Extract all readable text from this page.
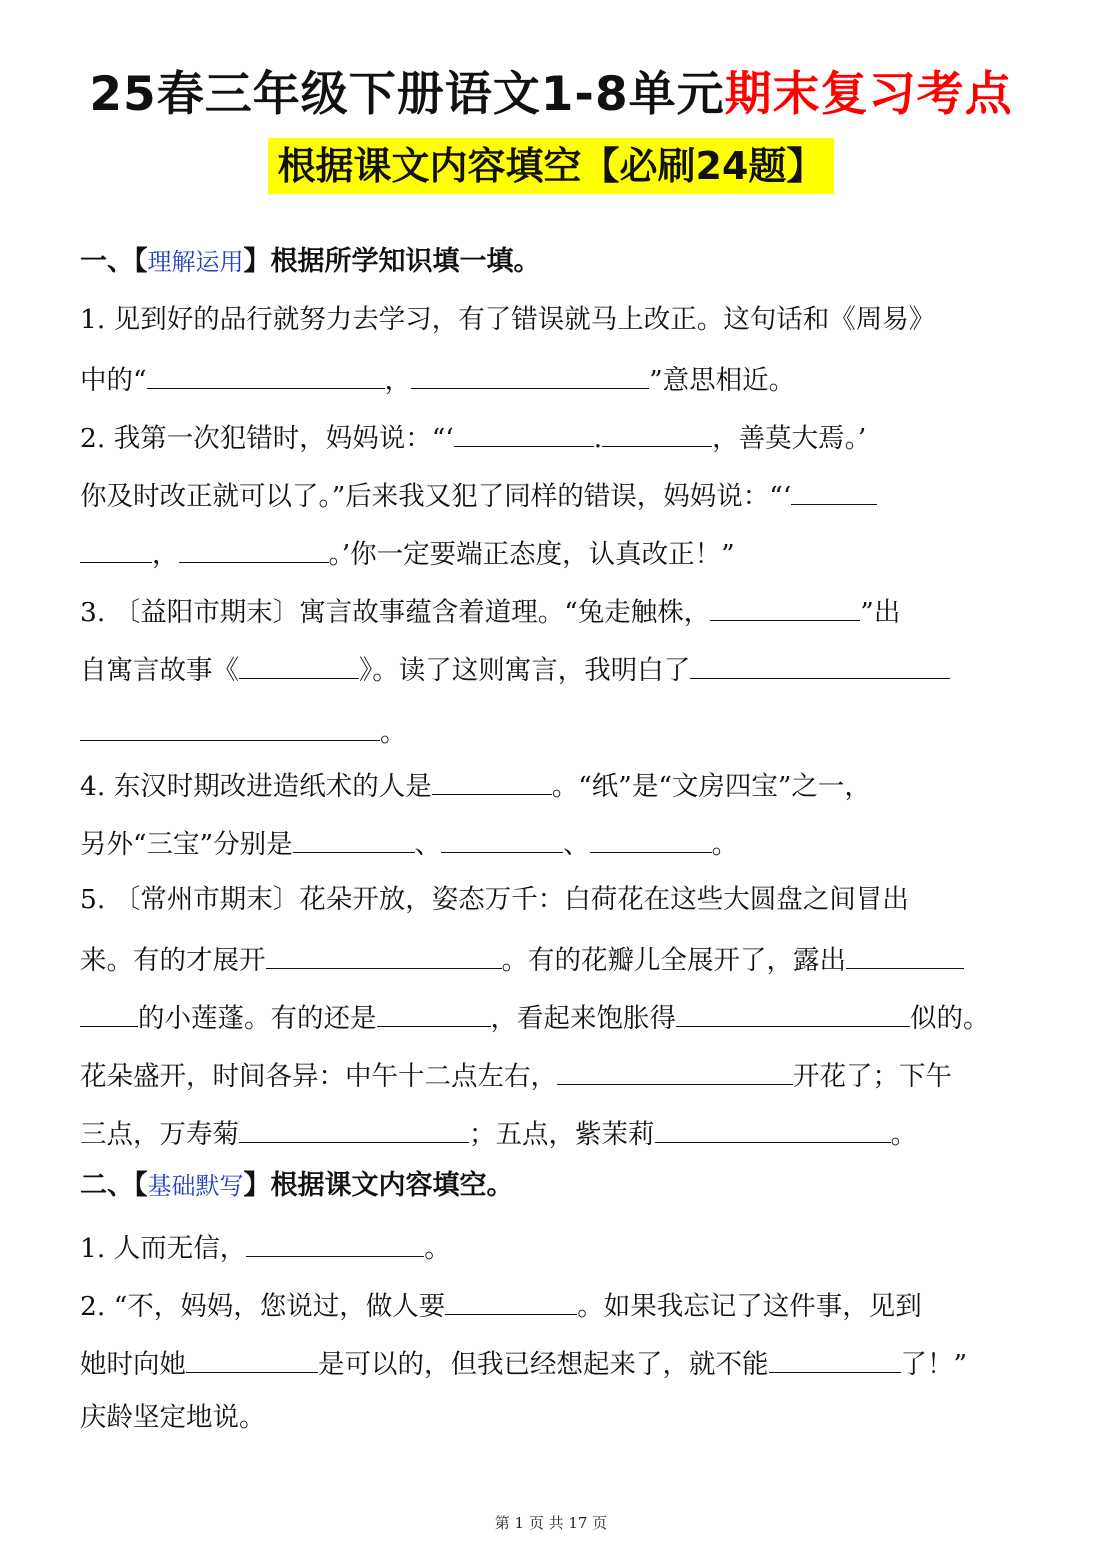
25春三年级下册语文1-8单元期末复习考点
根据课文内容填空【必刷24题】
一、【理解运用】根据所学知识填一填。
1. 见到好的品行就努力去学习，有了错误就马上改正。这句话和《周易》
中的“	，	”意思相近。
2. 我第一次犯错时，妈妈说：“‘	.	，善莫大焉。’
你及时改正就可以了。”后来我又犯了同样的错误，妈妈说：“‘
，	。’你一定要端正态度，认真改正！”
3. 〔益阳市期末〕寓言故事蕴含着道理。“兔走触株，	”出
自寓言故事《	》。读了这则寓言，我明白了
。
4. 东汉时期改进造纸术的人是	。“纸”是“文房四宝”之一，
另外“三宝”分别是	、	、	。
5. 〔常州市期末〕花朵开放，姿态万千：白荷花在这些大圆盘之间冒出
来。有的才展开	。有的花瓣儿全展开了，露出
的小莲蓬。有的还是	，看起来饱胀得	似的。
花朵盛开，时间各异：中午十二点左右，	开花了；下午
三点，万寿菊	；五点，紫茉莉	。
二、【基础默写】根据课文内容填空。
1. 人而无信，	。
2. “不，妈妈，您说过，做人要	。如果我忘记了这件事，见到
她时向她	是可以的，但我已经想起来了，就不能	了！”
庆龄坚定地说。
第 1 页 共 17 页
